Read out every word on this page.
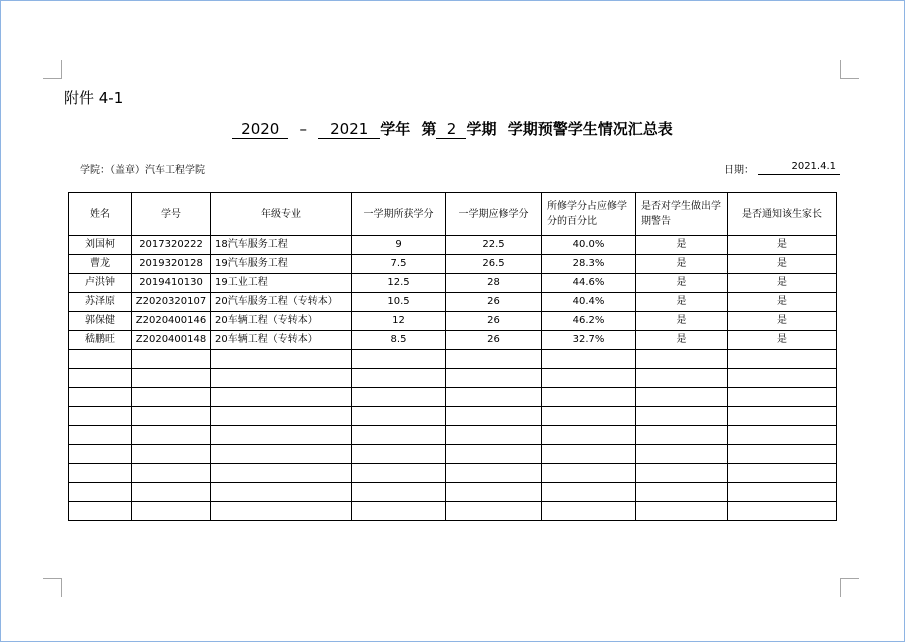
附件 4-1
2020 – 2021 学年 第 2 学期 学期预警学生情况汇总表
学院：（盖章）汽车工程学院	日期：	2021.4.1
姓名	学号	年级专业	一学期所获学分	一学期应修学分	所修学分占应修学分的百分比	是否对学生做出学期警告	是否通知该生家长
刘国柯	2017320222	18汽车服务工程	9	22.5	40.0%	是	是
曹龙	2019320128	19汽车服务工程	7.5	26.5	28.3%	是	是
卢洪钟	2019410130	19工业工程	12.5	28	44.6%	是	是
苏泽原	Z2020320107	20汽车服务工程（专转本）	10.5	26	40.4%	是	是
郭保健	Z2020400146	20车辆工程（专转本）	12	26	46.2%	是	是
嵇鹏旺	Z2020400148	20车辆工程（专转本）	8.5	26	32.7%	是	是
